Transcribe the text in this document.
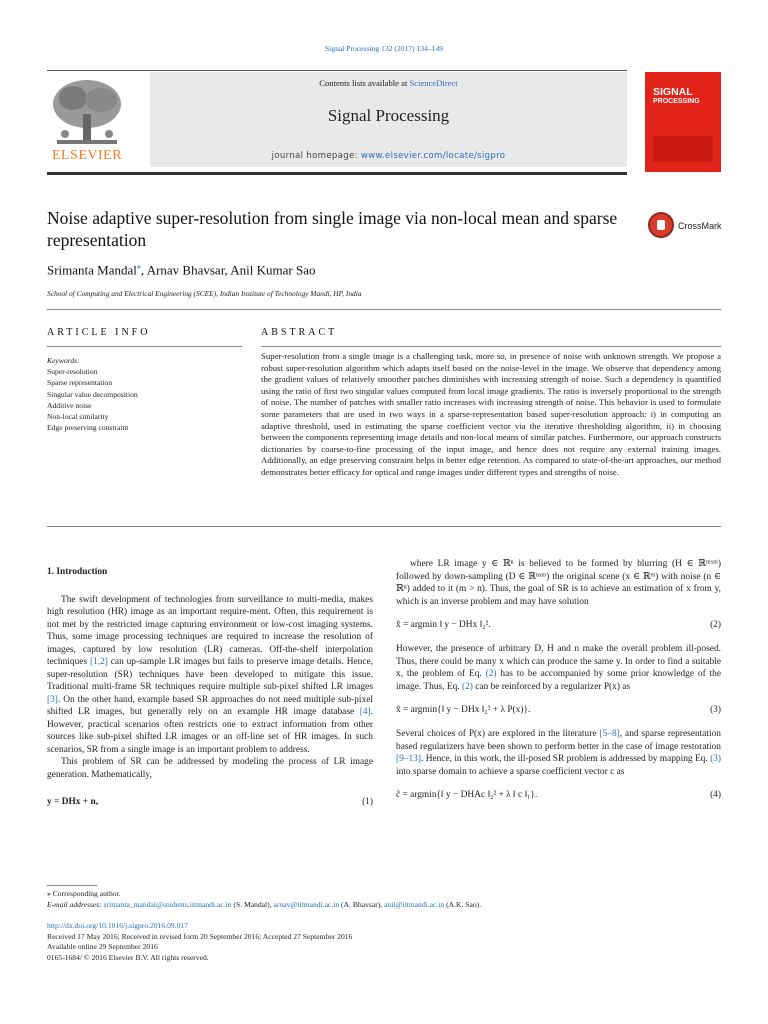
Signal Processing 132 (2017) 134–149
Contents lists available at ScienceDirect
Signal Processing
journal homepage: www.elsevier.com/locate/sigpro
ELSEVIER
SIGNAL
PROCESSING
Noise adaptive super-resolution from single image via non-local mean and sparse representation
CrossMark
Srimanta Mandal⁎, Arnav Bhavsar, Anil Kumar Sao
School of Computing and Electrical Engineering (SCEE), Indian Institute of Technology Mandi, HP, India
ARTICLE INFO	ABSTRACT
Keywords:
Super-resolution
Sparse representation
Singular value decomposition
Additive noise
Non-local similarity
Edge preserving constraint
Super-resolution from a single image is a challenging task, more so, in presence of noise with unknown strength. We propose a robust super-resolution algorithm which adapts itself based on the noise-level in the image. We observe that dependency among the gradient values of relatively smoother patches diminishes with increasing strength of noise. Such a dependency is quantified using the ratio of first two singular values computed from local image gradients. The ratio is inversely proportional to the strength of noise. The number of patches with smaller ratio increases with increasing strength of noise. This behavior is used to formulate some parameters that are used in two ways in a sparse-representation based super-resolution approach: i) in computing an adaptive threshold, used in estimating the sparse coefficient vector via the iterative thresholding algorithm, ii) in choosing between the components representing image details and non-local means of similar patches. Furthermore, our approach constructs dictionaries by coarse-to-fine processing of the input image, and hence does not require any external training images. Additionally, an edge preserving constraint helps in better edge retention. As compared to state-of-the-art approaches, our method demonstrates better efficacy for optical and range images under different types and strengths of noise.
1. Introduction

The swift development of technologies from surveillance to multi-media, makes high resolution (HR) image as an important require-ment. Often, this requirement is not met by the restricted image capturing environment or low-cost imaging systems. Thus, some image processing techniques are required to increase the resolution of images, captured by low resolution (LR) cameras. Off-the-shelf interpolation techniques [1,2] can up-sample LR images but fails to preserve image details. Hence, super-resolution (SR) techniques have been developed to mitigate this issue. Traditional multi-frame SR techniques require multiple sub-pixel shifted LR images [3]. On the other hand, example based SR approaches do not need multiple sub-pixel shifted LR images, but generally rely on an example HR image database [4]. However, practical scenarios often restricts one to extract information from other sources like sub-pixel shifted LR images or an off-line set of HR images. In such scenarios, SR from a single image is an important problem to address.

This problem of SR can be addressed by modeling the process of LR image generation. Mathematically,

y = DHx + n,	(1)

where LR image y ∈ ℝⁿ is believed to be formed by blurring (H ∈ ℝᵐˣᵐ) followed by down-sampling (D ∈ ℝⁿˣᵐ) the original scene (x ∈ ℝᵐ) with noise (n ∈ ℝⁿ) added to it (m > n). Thus, the goal of SR is to achieve an estimation of x from y, which is an inverse problem and may have solution

x̂ = argmin ‖ y − DHx ‖₂².	(2)

However, the presence of arbitrary D, H and n make the overall problem ill-posed. Thus, there could be many x which can produce the same y. In order to find a suitable x, the problem of Eq. (2) has to be accompanied by some prior knowledge of the image. Thus, Eq. (2) can be reinforced by a regularizer P(x) as

x̂ = argmin{‖ y − DHx ‖₂² + λ P(x)}.	(3)

Several choices of P(x) are explored in the literature [5–8], and sparse representation based regularizers have been shown to perform better in the case of image restoration [9–13]. Hence, in this work, the ill-posed SR problem is addressed by mapping Eq. (3) into sparse domain to achieve a sparse coefficient vector c as

ĉ = argmin{‖ y − DHAc ‖₂² + λ ‖ c ‖₁}.	(4)
⁎ Corresponding author.
E-mail addresses: srimanta_mandal@students.iitmandi.ac.in (S. Mandal), arnav@iitmandi.ac.in (A. Bhavsar), anil@iitmandi.ac.in (A.K. Sao).
http://dx.doi.org/10.1016/j.sigpro.2016.09.017
Received 17 May 2016; Received in revised form 20 September 2016; Accepted 27 September 2016
Available online 29 September 2016
0165-1684/ © 2016 Elsevier B.V. All rights reserved.
